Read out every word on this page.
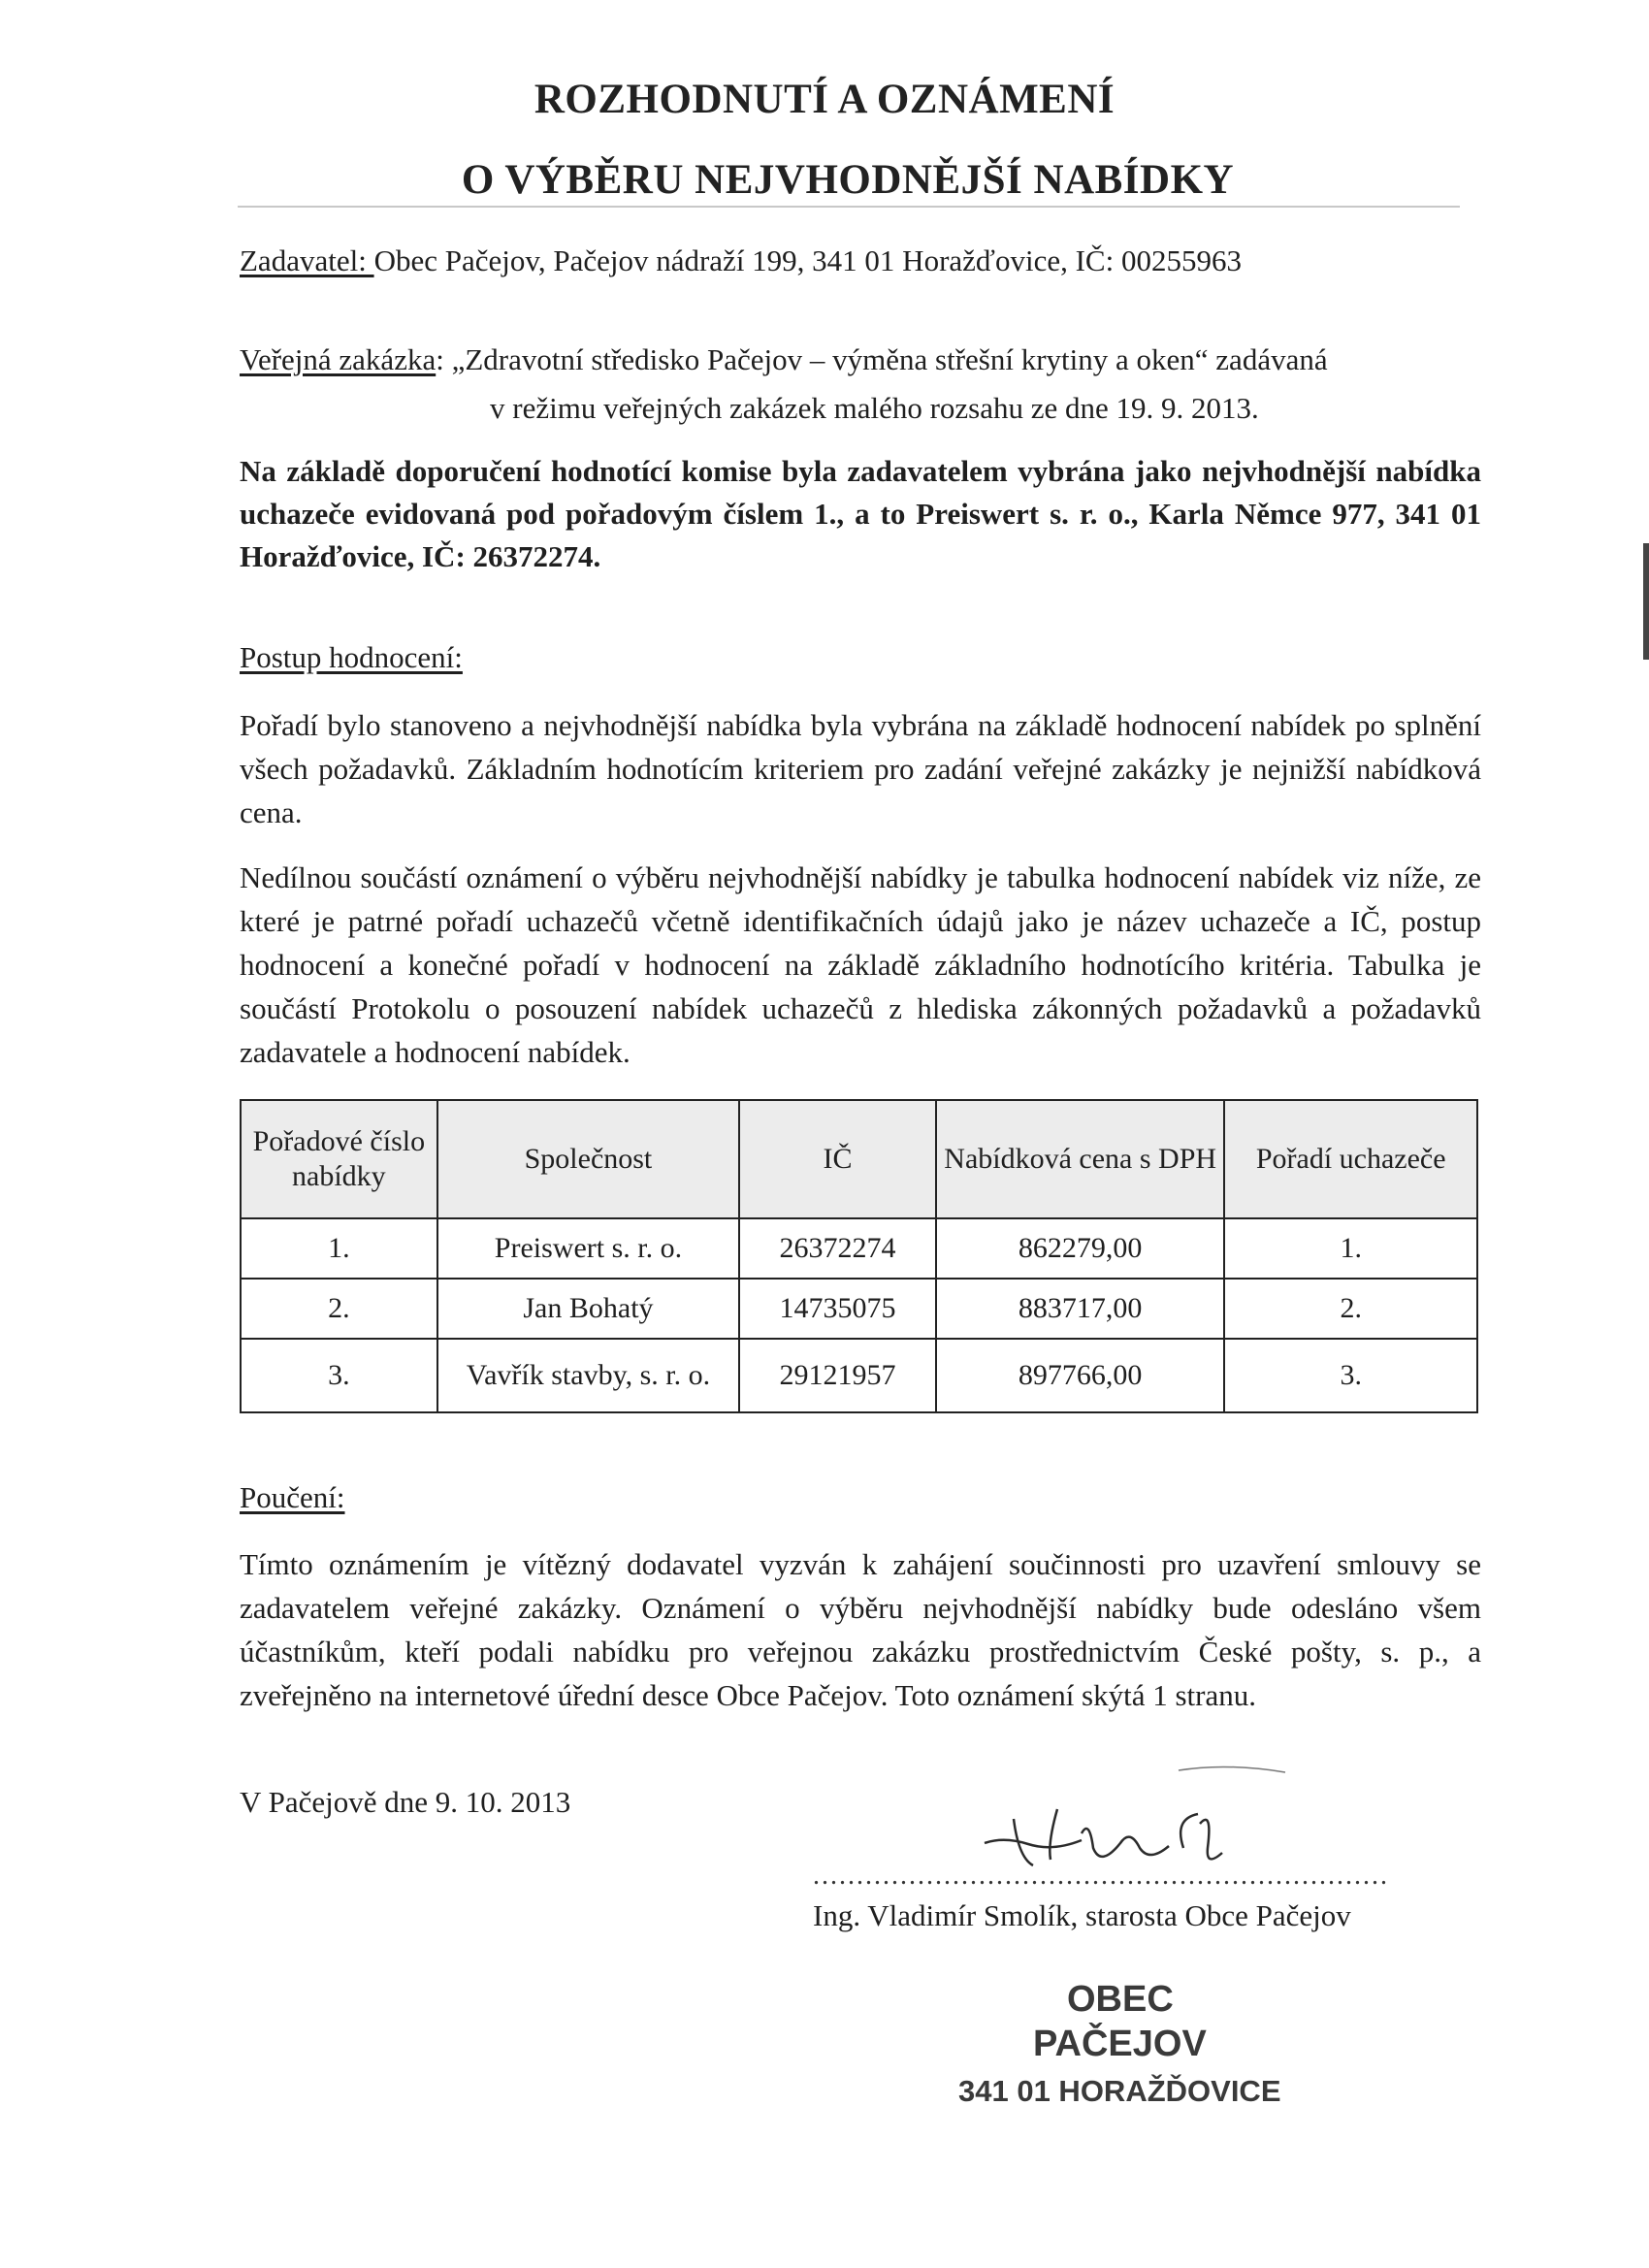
ROZHODNUTÍ A OZNÁMENÍ
O VÝBĚRU NEJVHODNĚJŠÍ NABÍDKY
Zadavatel: Obec Pačejov, Pačejov nádraží 199, 341 01 Horažďovice, IČ: 00255963
Veřejná zakázka: „Zdravotní středisko Pačejov – výměna střešní krytiny a oken“ zadávaná
v režimu veřejných zakázek malého rozsahu ze dne 19. 9. 2013.
Na základě doporučení hodnotící komise byla zadavatelem vybrána jako nejvhodnější nabídka uchazeče evidovaná pod pořadovým číslem 1., a to Preiswert s. r. o., Karla Němce 977, 341 01 Horažďovice, IČ: 26372274.
Postup hodnocení:
Pořadí bylo stanoveno a nejvhodnější nabídka byla vybrána na základě hodnocení nabídek po splnění všech požadavků. Základním hodnotícím kriteriem pro zadání veřejné zakázky je nejnižší nabídková cena.
Nedílnou součástí oznámení o výběru nejvhodnější nabídky je tabulka hodnocení nabídek viz níže, ze které je patrné pořadí uchazečů včetně identifikačních údajů jako je název uchazeče a IČ, postup hodnocení a konečné pořadí v hodnocení na základě základního hodnotícího kritéria. Tabulka je součástí Protokolu o posouzení nabídek uchazečů z hlediska zákonných požadavků a požadavků zadavatele a hodnocení nabídek.
Pořadové číslo nabídky	Společnost	IČ	Nabídková cena s DPH	Pořadí uchazeče
1.	Preiswert s. r. o.	26372274	862279,00	1.
2.	Jan Bohatý	14735075	883717,00	2.
3.	Vavřík stavby, s. r. o.	29121957	897766,00	3.
Poučení:
Tímto oznámením je vítězný dodavatel vyzván k zahájení součinnosti pro uzavření smlouvy se zadavatelem veřejné zakázky. Oznámení o výběru nejvhodnější nabídky bude odesláno všem účastníkům, kteří podali nabídku pro veřejnou zakázku prostřednictvím České pošty, s. p., a zveřejněno na internetové úřední desce Obce Pačejov. Toto oznámení skýtá 1 stranu.
V Pačejově dne 9. 10. 2013
..................................................................
Ing. Vladimír Smolík, starosta Obce Pačejov
OBEC
PAČEJOV
341 01 HORAŽĎOVICE
